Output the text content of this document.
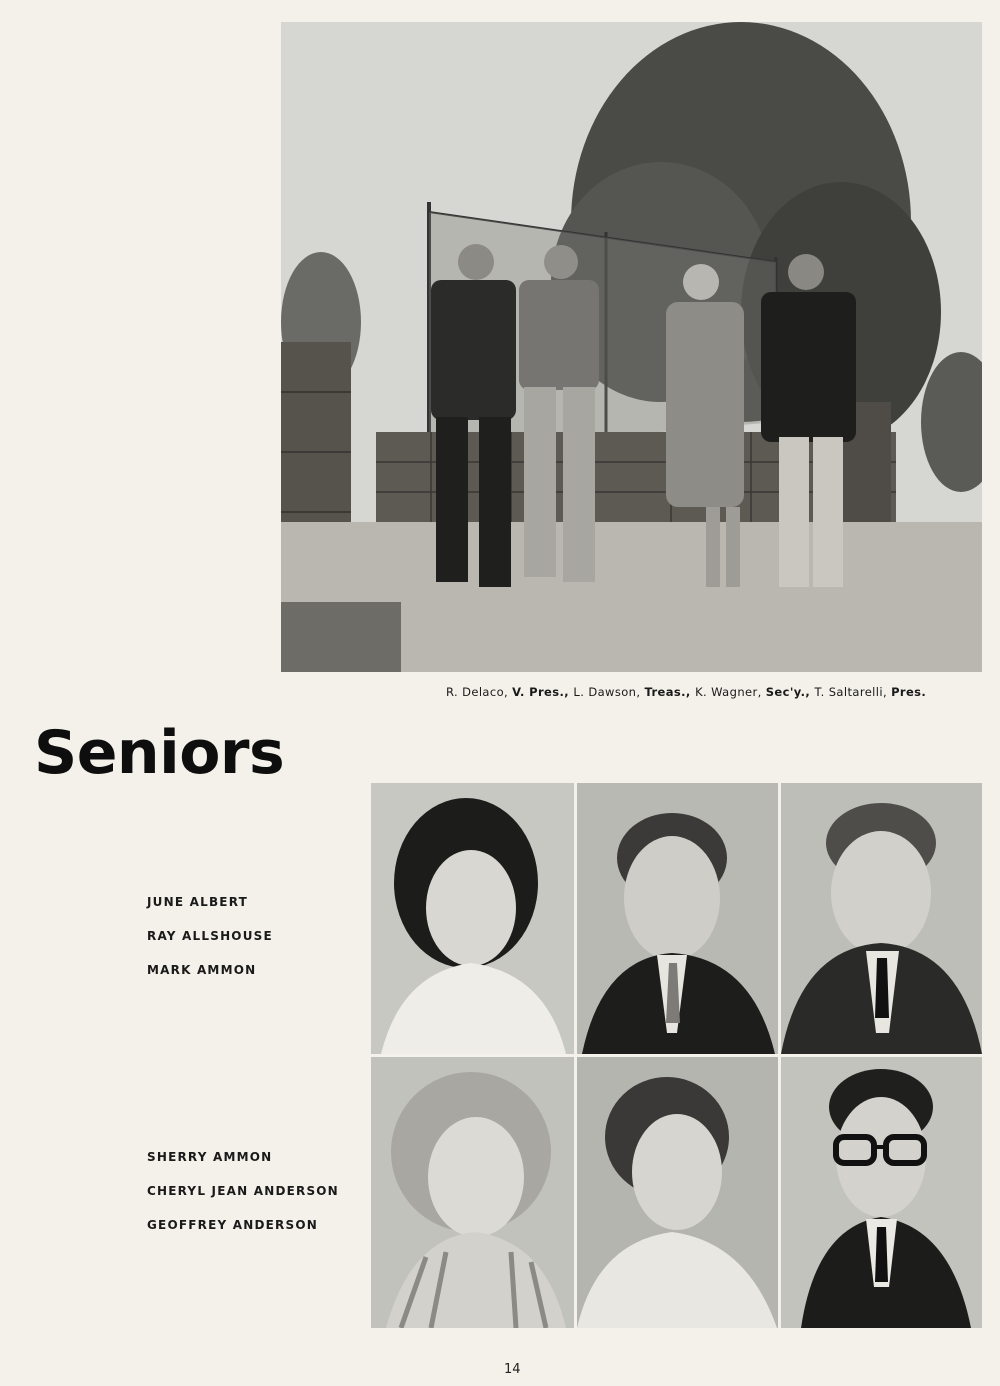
R. Delaco, V. Pres., L. Dawson, Treas., K. Wagner, Sec'y., T. Saltarelli, Pres.
Seniors
JUNE ALBERT
RAY ALLSHOUSE
MARK AMMON
SHERRY AMMON
CHERYL JEAN ANDERSON
GEOFFREY ANDERSON
14
